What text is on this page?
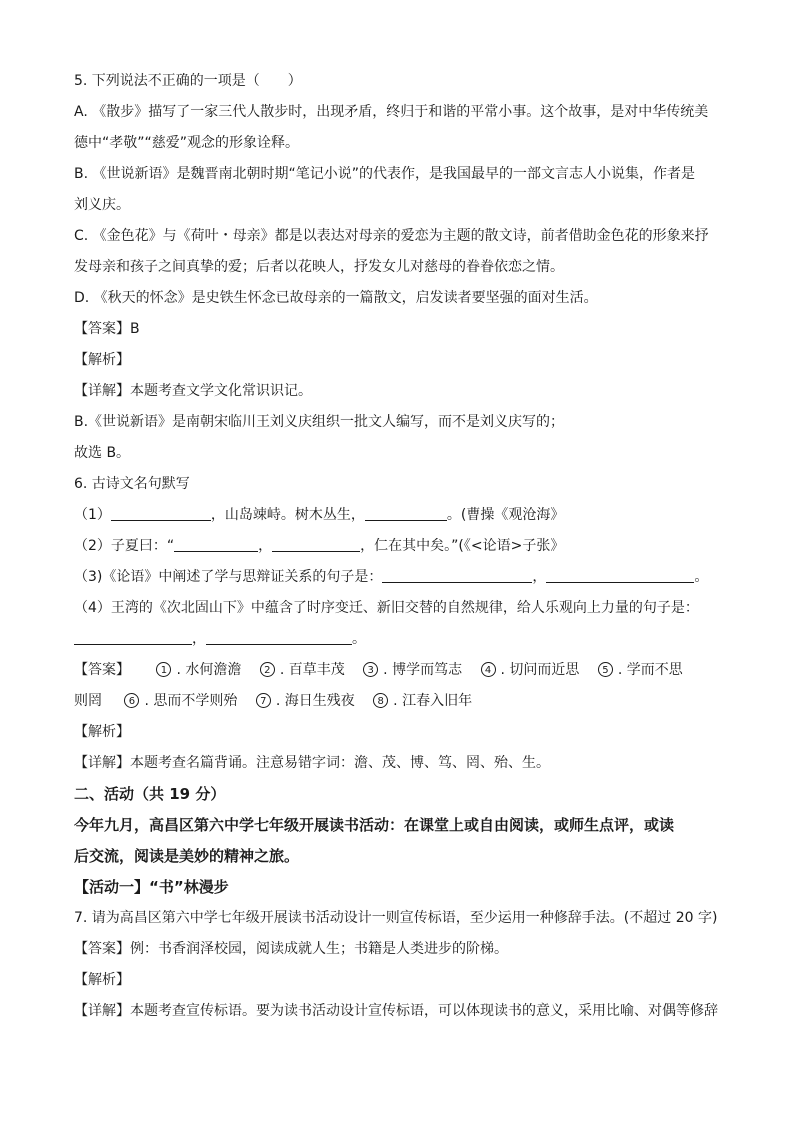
5. 下列说法不正确的一项是（　　）
A. 《散步》描写了一家三代人散步时，出现矛盾，终归于和谐的平常小事。这个故事，是对中华传统美
德中“孝敬”“慈爱”观念的形象诠释。
B. 《世说新语》是魏晋南北朝时期“笔记小说”的代表作，是我国最早的一部文言志人小说集，作者是
刘义庆。
C. 《金色花》与《荷叶・母亲》都是以表达对母亲的爱恋为主题的散文诗，前者借助金色花的形象来抒
发母亲和孩子之间真挚的爱；后者以花映人，抒发女儿对慈母的眷眷依恋之情。
D. 《秋天的怀念》是史铁生怀念已故母亲的一篇散文，启发读者要坚强的面对生活。
【答案】B
【解析】
【详解】本题考查文学文化常识识记。
B.《世说新语》是南朝宋临川王刘义庆组织一批文人编写，而不是刘义庆写的；
故选 B。
6. 古诗文名句默写
（1）	，山岛竦峙。树木丛生，	。(曹操《观沧海》
（2）子夏曰：“	，	，仁在其中矣。”(《<论语>子张》
（3)《论语》中阐述了学与思辩证关系的句子是：	，	。
（4）王湾的《次北固山下》中蕴含了时序变迁、新旧交替的自然规律，给人乐观向上力量的句子是：
，	。
【答案】	1 . 水何澹澹 2 . 百草丰茂 3 . 博学而笃志 4 . 切问而近思 5 . 学而不思
则罔	6 . 思而不学则殆 7 . 海日生残夜 8 . 江春入旧年
【解析】
【详解】本题考查名篇背诵。注意易错字词：澹、茂、博、笃、罔、殆、生。
二、活动（共 19 分）
今年九月，高昌区第六中学七年级开展读书活动：在课堂上或自由阅读，或师生点评，或读
后交流，阅读是美妙的精神之旅。
【活动一】“书”林漫步
7. 请为高昌区第六中学七年级开展读书活动设计一则宣传标语，至少运用一种修辞手法。(不超过 20 字)
【答案】例：书香润泽校园，阅读成就人生；书籍是人类进步的阶梯。
【解析】
【详解】本题考查宣传标语。要为读书活动设计宣传标语，可以体现读书的意义，采用比喻、对偶等修辞
